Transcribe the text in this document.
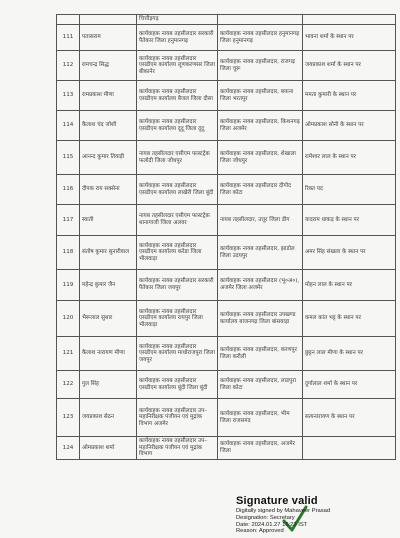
		चित्तौड़गढ़		
111	पतासराम	कार्यवाहक नायब तहसीलदार सरकारी पैतेकार जिला हनुमानगढ़	कार्यवाहक नायब तहसीलदार हनुमानगढ़ जिला हनुमानगढ़	भावना शर्मा के स्थान पर
112	रामचन्द्र सिद्ध	कार्यवाहक नायब तहसीलदार एसडीएम कार्यालय लूणकरणसर जिला बीकानेर	कार्यवाहक नायब तहसीलदार, राजगढ़ जिला चूरू	जयप्रकाश शर्मा के स्थान पर
113	रामप्रकाश मीणा	कार्यवाहक नायब तहसीलदार एसडीएम कार्यालय बैजल जिला दौसा	कार्यवाहक नायब तहसीलदार, बयाना जिला भरतपुर	ममता कुमारी के स्थान पर
114	कैलाश चंद जोशी	कार्यवाहक नायब तहसीलदार एसडीएम कार्यालय दूदू जिला दूदू	कार्यवाहक नायब तहसीलदार, किशनगढ़ जिला अजमेर	ओमप्रकाश सोनी के स्थान पर
115	आनन्द कुमार तिवाड़ी	नायब तहसीलदार एसीएम फास्टट्रेक फलोदी जिला जोधपुर	कार्यवाहक नायब तहसीलदार, शेखाला जिला जोधपुर	रामेश्वर लाल के स्थान पर
116	दीपक राय सक्सेना	कार्यवाहक नायब तहसीलदार एसडीएम कार्यालय लाखेरी जिला बूंदी	कार्यवाहक नायब तहसीलदार दीगोद जिला कोटा	रिक्त पद
117	स्वाती	नायब तहसीलदार एसीएम फास्टट्रेक थानागाजी जिला अलवर	नायब तहसीलदार, उत्तूर जिला डीग	यादराम धाकड़ के स्थान पर
118	संतोष कुमार सुनारीवाल	कार्यवाहक नायब तहसीलदार एसडीएम कार्यालय करेडा जिला भीलवाड़ा	कार्यवाहक नायब तहसीलदार, झाडोल जिला उदयपुर	अमर सिंह संखला के स्थान पर
119	महेन्द्र कुमार जैन	कार्यवाहक नायब तहसीलदार सरकारी पैतेकार जिला जयपुर	कार्यवाहक नायब तहसीलदार (भू०अ०), अजमेर जिला अजमेर	मोहन लाल के स्थान पर
120	भैरूलाल सुथार	कार्यवाहक नायब तहसीलदार एसडीएम कार्यालय रायपुर जिला भीलवाड़ा	कार्यवाहक नायब तहसीलदार उपखण्ड कार्यालय बाजनगढ़ जिला बांसवाड़ा	कमल कांत भट्ट के स्थान पर
121	कैलाश नारायण मीणा	कार्यवाहक नायब तहसीलदार एसडीएम कार्यालय माधोराजपुरा जिला जयपुर	कार्यवाहक नायब तहसीलदार, करणपुर जिला करौली	छुट्टन लाल मीणा के स्थान पर
122	गुल सिंह	कार्यवाहक नायब तहसीलदार एसडीएम कार्यालय बूंदी जिला बूंदी	कार्यवाहक नायब तहसीलदार, लाडपुरा जिला कोटा	दुर्गालाल शर्मा के स्थान पर
123	जयप्रकाश सेठन	कार्यवाहक नायब तहसीलदार उप–महानिरीक्षक पंजीयन एवं मुद्रांक विभाग अजमेर	कार्यवाहक नायब तहसीलदार, भीम जिला राजसमंद	सत्यनारायण के स्थान पर
124	ओमप्रकाश शर्मा	कार्यवाहक नायब तहसीलदार उप–महानिरीक्षक पंजीयन एवं मुद्रांक विभाग	कार्यवाहक नायब तहसीलदार, अजमेर जिला	
Signature valid
Digitally signed by Mahaveer Prasad
Designation: Secretary
Date: 2024.01.27 16:22 IST
Reason: Approved
